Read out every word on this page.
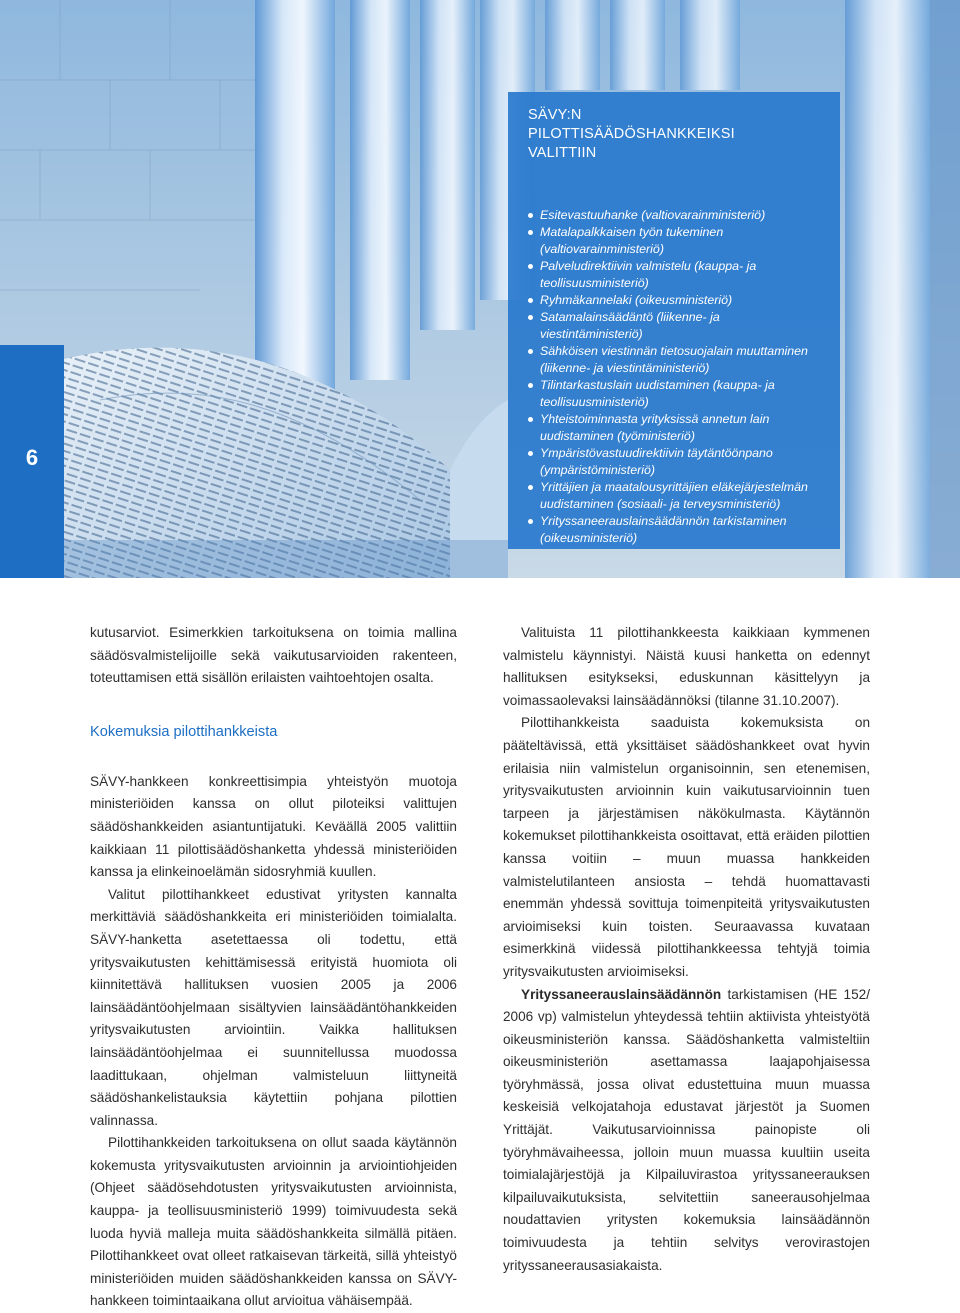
6
SÄVY:N PILOTTISÄÄDÖSHANKKEIKSI VALITTIIN
Esitevastuuhanke (valtiovarainministeriö)
Matalapalkkaisen työn tukeminen (valtiovarainministeriö)
Palveludirektiivin valmistelu (kauppa- ja teollisuusministeriö)
Ryhmäkannelaki (oikeusministeriö)
Satamalainsäädäntö (liikenne- ja viestintäministeriö)
Sähköisen viestinnän tietosuojalain muuttaminen (liikenne- ja viestintäministeriö)
Tilintarkastuslain uudistaminen (kauppa- ja teollisuusministeriö)
Yhteistoiminnasta yrityksissä annetun lain uudistaminen (työministeriö)
Ympäristövastuudirektiivin täytäntöönpano (ympäristöministeriö)
Yrittäjien ja maatalousyrittäjien eläkejärjestelmän uudistaminen (sosiaali- ja terveysministeriö)
Yrityssaneerauslainsäädännön tarkistaminen (oikeusministeriö)

kutusarviot. Esimerkkien tarkoituksena on toimia mallina säädösvalmistelijoille sekä vaikutusarvioiden rakenteen, toteuttamisen että sisällön erilaisten vaihtoehtojen osalta.

Kokemuksia pilottihankkeista

SÄVY-hankkeen konkreettisimpia yhteistyön muotoja ministeriöiden kanssa on ollut piloteiksi valittujen säädöshankkeiden asiantuntijatuki. Keväällä 2005 valittiin kaikkiaan 11 pilottisäädöshanketta yhdessä ministeriöiden kanssa ja elinkeinoelämän sidosryhmiä kuullen.

Valitut pilottihankkeet edustivat yritysten kannalta merkittäviä säädöshankkeita eri ministeriöiden toimialalta. SÄVY-hanketta asetettaessa oli todettu, että yritysvaikutusten kehittämisessä erityistä huomiota oli kiinnitettävä hallituksen vuosien 2005 ja 2006 lainsäädäntöohjelmaan sisältyvien lainsäädäntöhankkeiden yritysvaikutusten arviointiin. Vaikka hallituksen lainsäädäntöohjelmaa ei suunnitellussa muodossa laadittukaan, ohjelman valmisteluun liittyneitä säädöshankelistauksia käytettiin pohjana pilottien valinnassa.

Pilottihankkeiden tarkoituksena on ollut saada käytännön kokemusta yritysvaikutusten arvioinnin ja arviointiohjeiden (Ohjeet säädösehdotusten yritysvaikutusten arvioinnista, kauppa- ja teollisuusministeriö 1999) toimivuudesta sekä luoda hyviä malleja muita säädöshankkeita silmällä pitäen. Pilottihankkeet ovat olleet ratkaisevan tärkeitä, sillä yhteistyö ministeriöiden muiden säädöshankkeiden kanssa on SÄVY-hankkeen toimintaaikana ollut arvioitua vähäisempää.

Valituista 11 pilottihankkeesta kaikkiaan kymmenen valmistelu käynnistyi. Näistä kuusi hanketta on edennyt hallituksen esitykseksi, eduskunnan käsittelyyn ja voimassaolevaksi lainsäädännöksi (tilanne 31.10.2007).

Pilottihankkeista saaduista kokemuksista on pääteltävissä, että yksittäiset säädöshankkeet ovat hyvin erilaisia niin valmistelun organisoinnin, sen etenemisen, yritysvaikutusten arvioinnin kuin vaikutusarvioinnin tuen tarpeen ja järjestämisen näkökulmasta. Käytännön kokemukset pilottihankkeista osoittavat, että eräiden pilottien kanssa voitiin – muun muassa hankkeiden valmistelutilanteen ansiosta – tehdä huomattavasti enemmän yhdessä sovittuja toimenpiteitä yritysvaikutusten arvioimiseksi kuin toisten. Seuraavassa kuvataan esimerkkinä viidessä pilottihankkeessa tehtyjä toimia yritysvaikutusten arvioimiseksi.

Yrityssaneerauslainsäädännön tarkistamisen (HE 152/ 2006 vp) valmistelun yhteydessä tehtiin aktiivista yhteistyötä oikeusministeriön kanssa. Säädöshanketta valmisteltiin oikeusministeriön asettamassa laajapohjaisessa työryhmässä, jossa olivat edustettuina muun muassa keskeisiä velkojatahoja edustavat järjestöt ja Suomen Yrittäjät. Vaikutusarvioinnissa painopiste oli työryhmävaiheessa, jolloin muun muassa kuultiin useita toimialajärjestöjä ja Kilpailuvirastoa yrityssaneerauksen kilpailuvaikutuksista, selvitettiin saneerausohjelmaa noudattavien yritysten kokemuksia lainsäädännön toimivuudesta ja tehtiin selvitys verovirastojen yrityssaneerausasiakaista.
